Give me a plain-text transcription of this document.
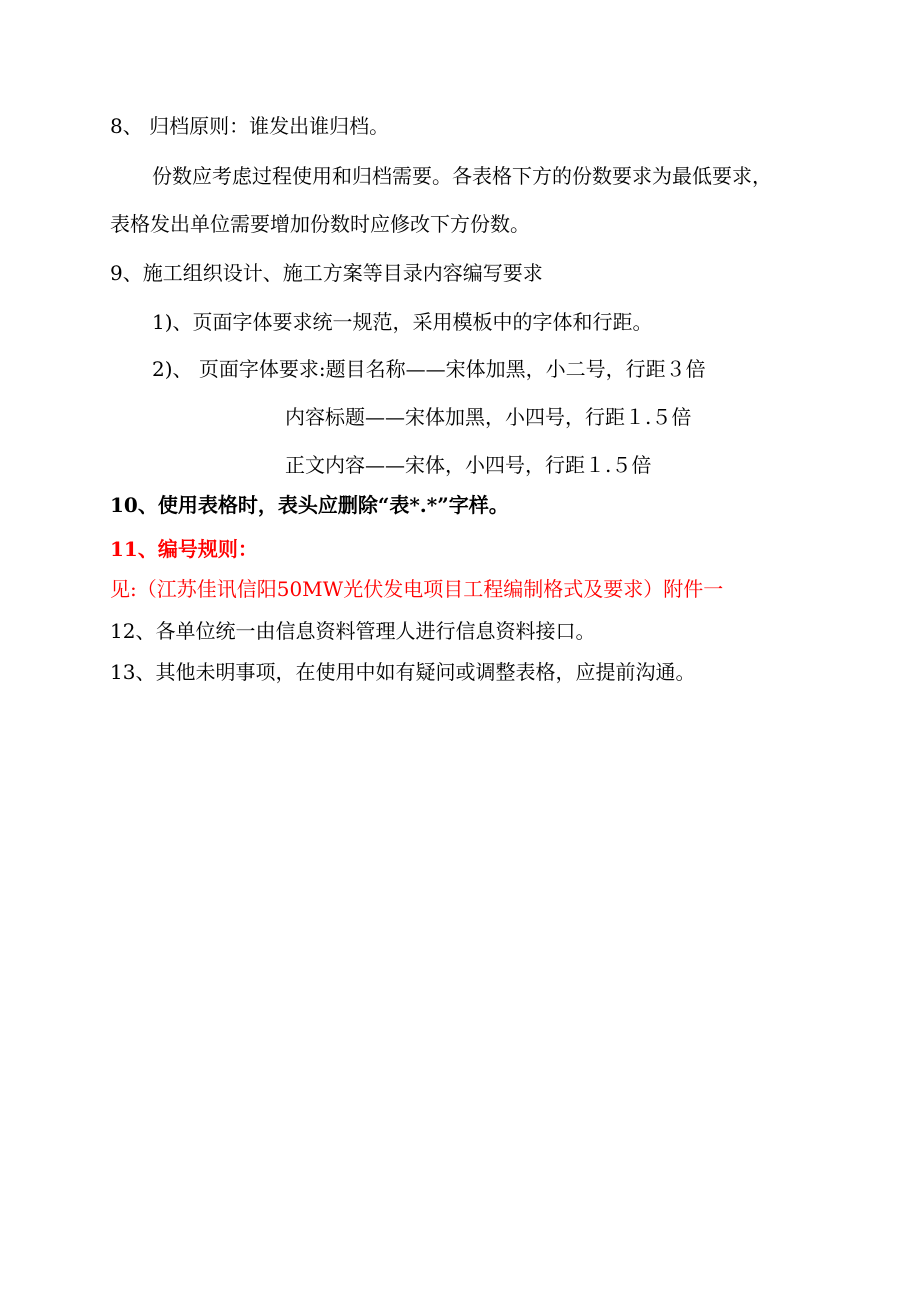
8、 归档原则：谁发出谁归档。
份数应考虑过程使用和归档需要。各表格下方的份数要求为最低要求，
表格发出单位需要增加份数时应修改下方份数。
9、施工组织设计、施工方案等目录内容编写要求
1)、页面字体要求统一规范，采用模板中的字体和行距。
2)、 页面字体要求:题目名称——宋体加黑，小二号，行距３倍
内容标题——宋体加黑，小四号，行距１.５倍
正文内容——宋体，小四号，行距１.５倍
10、使用表格时，表头应删除“表*.*”字样。
11、编号规则：
见:（江苏佳讯信阳50MW光伏发电项目工程编制格式及要求）附件一
12、各单位统一由信息资料管理人进行信息资料接口。
13、其他未明事项，在使用中如有疑问或调整表格，应提前沟通。
